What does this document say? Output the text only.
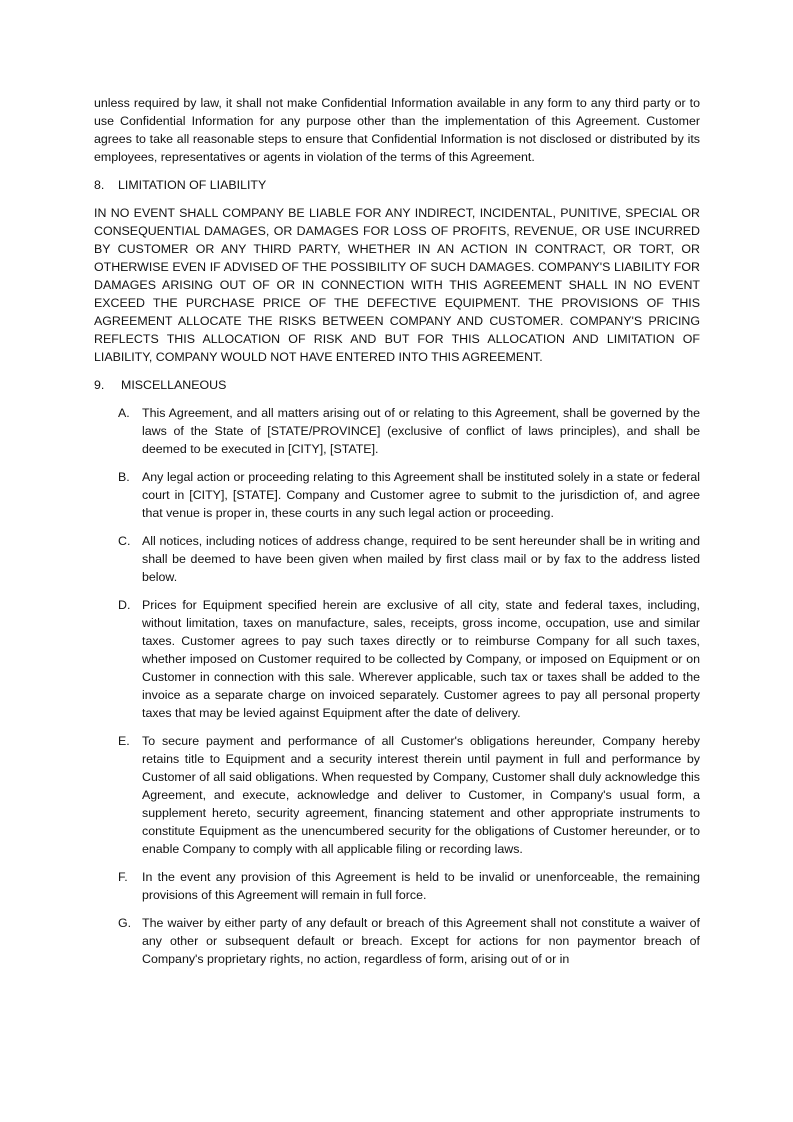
unless required by law, it shall not make Confidential Information available in any form to any third party or to use Confidential Information for any purpose other than the implementation of this Agreement. Customer agrees to take all reasonable steps to ensure that Confidential Information is not disclosed or distributed by its employees, representatives or agents in violation of the terms of this Agreement.

8. LIMITATION OF LIABILITY

IN NO EVENT SHALL COMPANY BE LIABLE FOR ANY INDIRECT, INCIDENTAL, PUNITIVE, SPECIAL OR CONSEQUENTIAL DAMAGES, OR DAMAGES FOR LOSS OF PROFITS, REVENUE, OR USE INCURRED BY CUSTOMER OR ANY THIRD PARTY, WHETHER IN AN ACTION IN CONTRACT, OR TORT, OR OTHERWISE EVEN IF ADVISED OF THE POSSIBILITY OF SUCH DAMAGES. COMPANY'S LIABILITY FOR DAMAGES ARISING OUT OF OR IN CONNECTION WITH THIS AGREEMENT SHALL IN NO EVENT EXCEED THE PURCHASE PRICE OF THE DEFECTIVE EQUIPMENT. THE PROVISIONS OF THIS AGREEMENT ALLOCATE THE RISKS BETWEEN COMPANY AND CUSTOMER. COMPANY'S PRICING REFLECTS THIS ALLOCATION OF RISK AND BUT FOR THIS ALLOCATION AND LIMITATION OF LIABILITY, COMPANY WOULD NOT HAVE ENTERED INTO THIS AGREEMENT.

9. MISCELLANEOUS
A. This Agreement, and all matters arising out of or relating to this Agreement, shall be governed by the laws of the State of [STATE/PROVINCE] (exclusive of conflict of laws principles), and shall be deemed to be executed in [CITY], [STATE].
B. Any legal action or proceeding relating to this Agreement shall be instituted solely in a state or federal court in [CITY], [STATE]. Company and Customer agree to submit to the jurisdiction of, and agree that venue is proper in, these courts in any such legal action or proceeding.
C. All notices, including notices of address change, required to be sent hereunder shall be in writing and shall be deemed to have been given when mailed by first class mail or by fax to the address listed below.
D. Prices for Equipment specified herein are exclusive of all city, state and federal taxes, including, without limitation, taxes on manufacture, sales, receipts, gross income, occupation, use and similar taxes. Customer agrees to pay such taxes directly or to reimburse Company for all such taxes, whether imposed on Customer required to be collected by Company, or imposed on Equipment or on Customer in connection with this sale. Wherever applicable, such tax or taxes shall be added to the invoice as a separate charge on invoiced separately. Customer agrees to pay all personal property taxes that may be levied against Equipment after the date of delivery.
E. To secure payment and performance of all Customer's obligations hereunder, Company hereby retains title to Equipment and a security interest therein until payment in full and performance by Customer of all said obligations. When requested by Company, Customer shall duly acknowledge this Agreement, and execute, acknowledge and deliver to Customer, in Company's usual form, a supplement hereto, security agreement, financing statement and other appropriate instruments to constitute Equipment as the unencumbered security for the obligations of Customer hereunder, or to enable Company to comply with all applicable filing or recording laws.
F. In the event any provision of this Agreement is held to be invalid or unenforceable, the remaining provisions of this Agreement will remain in full force.
G. The waiver by either party of any default or breach of this Agreement shall not constitute a waiver of any other or subsequent default or breach. Except for actions for non paymentor breach of Company's proprietary rights, no action, regardless of form, arising out of or in
